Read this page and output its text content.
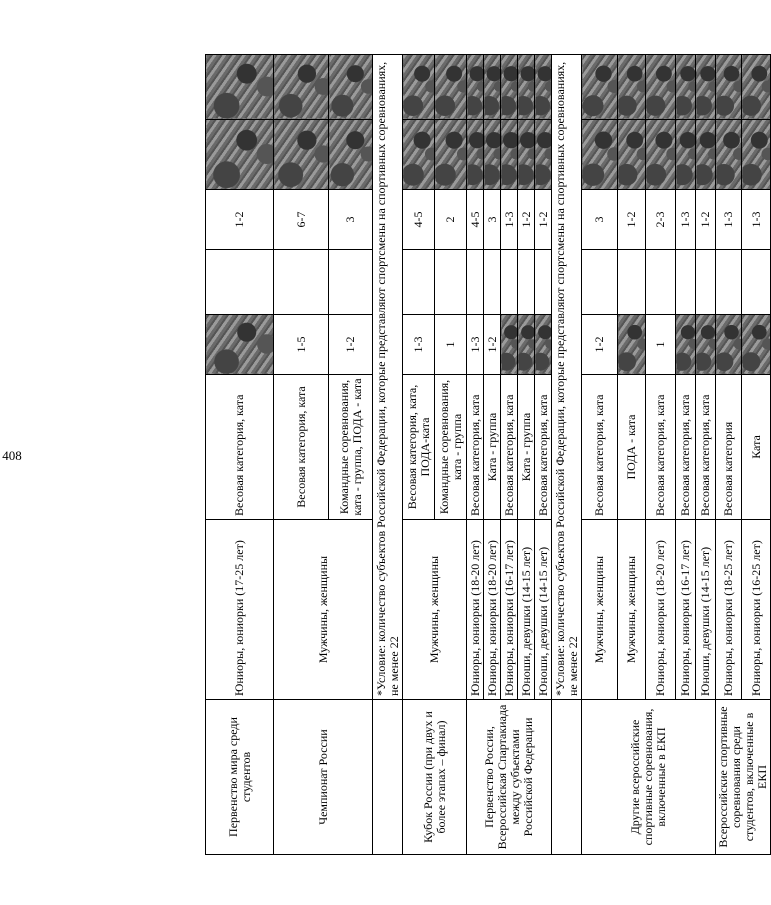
408
Первенство мира среди студентов	Юниоры, юниорки (17-25 лет)	Весовая категория, ката			1-2		
Чемпионат России	Мужчины, женщины	Весовая категория, ката	1-5		6-7		
		Командные соревнования, ката - группа, ПОДА - ката	1-2		3		
	*Условие: количество субъектов Российской Федерации, которые представляют спортсмены на спортивных соревнованиях, не менее 22						
Кубок России (при двух и более этапах – финал)	Мужчины, женщины	Весовая категория, ката, ПОДА-ката	1-3		4-5		
		Командные соревнования, ката - группа	1		2		
Первенство России, Всероссийская Спартакиада между субъектами Российской Федерации	Юниоры, юниорки (18-20 лет)	Весовая категория, ката	1-3		4-5		
	Юниоры, юниорки (18-20 лет)	Ката - группа	1-2		3		
	Юниоры, юниорки (16-17 лет)	Весовая категория, ката			1-3		
	Юноши, девушки (14-15 лет)	Ката - группа			1-2		
	Юноши, девушки (14-15 лет)	Весовая категория, ката			1-2		
	*Условие: количество субъектов Российской Федерации, которые представляют спортсмены на спортивных соревнованиях, не менее 22						
Другие всероссийские спортивные соревнования, включенные в ЕКП	Мужчины, женщины	Весовая категория, ката	1-2		3		
	Мужчины, женщины	ПОДА - ката			1-2		
	Юниоры, юниорки (18-20 лет)	Весовая категория, ката	1		2-3		
	Юниоры, юниорки (16-17 лет)	Весовая категория, ката			1-3		
	Юноши, девушки (14-15 лет)	Весовая категория, ката			1-2		
Всероссийские спортивные соревнования среди студентов, включенные в ЕКП	Юниоры, юниорки (18-25 лет)	Весовая категория			1-3		
	Юниоры, юниорки (16-25 лет)	Ката			1-3		
